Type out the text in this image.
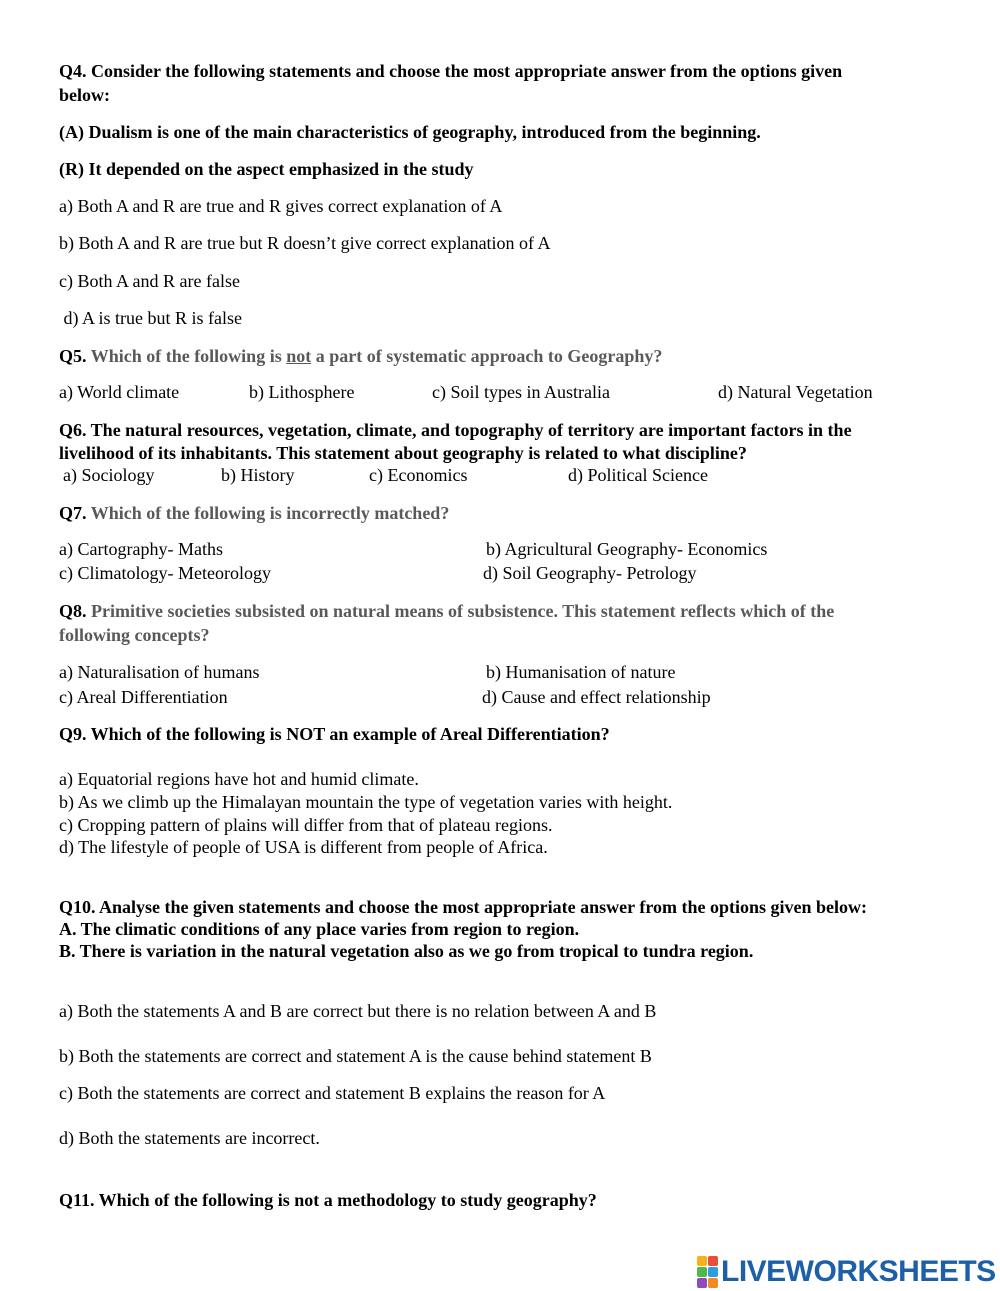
Q4. Consider the following statements and choose the most appropriate answer from the options given
below:
(A) Dualism is one of the main characteristics of geography, introduced from the beginning.
(R) It depended on the aspect emphasized in the study
a) Both A and R are true and R gives correct explanation of A
b) Both A and R are true but R doesn’t give correct explanation of A
c) Both A and R are false
d) A is true but R is false
Q5. Which of the following is not a part of systematic approach to Geography?
a) World climate	b) Lithosphere	c) Soil types in Australia	d) Natural Vegetation
Q6. The natural resources, vegetation, climate, and topography of territory are important factors in the
livelihood of its inhabitants. This statement about geography is related to what discipline?
a) Sociology	b) History	c) Economics	d) Political Science
Q7. Which of the following is incorrectly matched?
a) Cartography- Maths	b) Agricultural Geography- Economics
c) Climatology- Meteorology	d) Soil Geography- Petrology
Q8. Primitive societies subsisted on natural means of subsistence. This statement reflects which of the
following concepts?
a) Naturalisation of humans	b) Humanisation of nature
c) Areal Differentiation	d) Cause and effect relationship
Q9. Which of the following is NOT an example of Areal Differentiation?
a) Equatorial regions have hot and humid climate.
b) As we climb up the Himalayan mountain the type of vegetation varies with height.
c) Cropping pattern of plains will differ from that of plateau regions.
d) The lifestyle of people of USA is different from people of Africa.
Q10. Analyse the given statements and choose the most appropriate answer from the options given below:
A. The climatic conditions of any place varies from region to region.
B. There is variation in the natural vegetation also as we go from tropical to tundra region.
a) Both the statements A and B are correct but there is no relation between A and B
b) Both the statements are correct and statement A is the cause behind statement B
c) Both the statements are correct and statement B explains the reason for A
d) Both the statements are incorrect.
Q11. Which of the following is not a methodology to study geography?
LIVEWORKSHEETS
